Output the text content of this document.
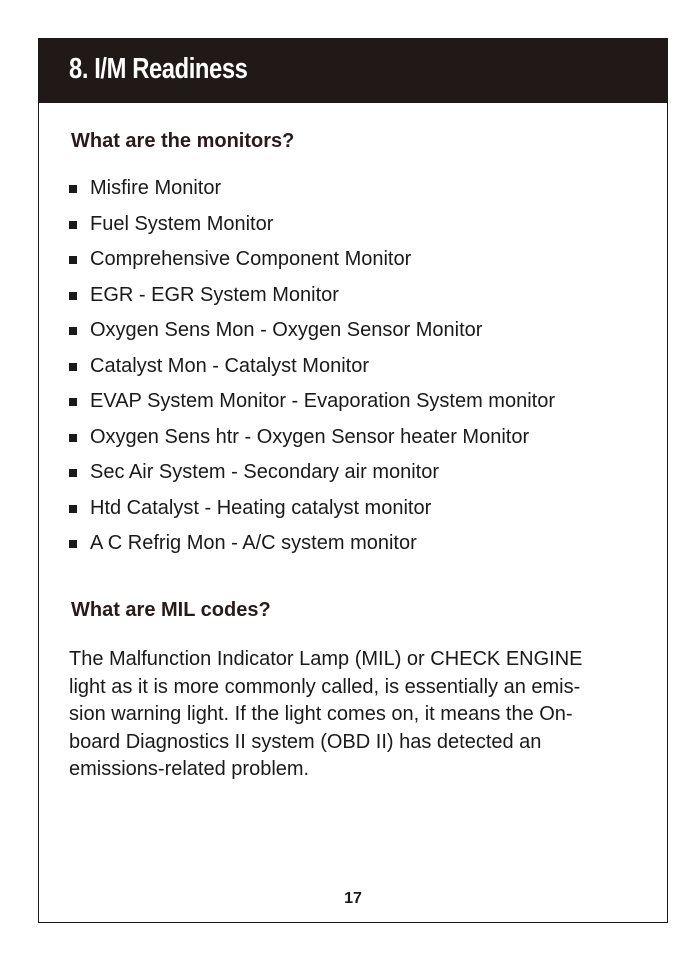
8. I/M Readiness
What are the monitors?
Misfire Monitor
Fuel System Monitor
Comprehensive Component Monitor
EGR - EGR System Monitor
Oxygen Sens Mon - Oxygen Sensor Monitor
Catalyst Mon - Catalyst Monitor
EVAP System Monitor - Evaporation System monitor
Oxygen Sens htr - Oxygen Sensor heater Monitor
Sec Air System - Secondary air monitor
Htd Catalyst - Heating catalyst monitor
A C Refrig Mon - A/C system monitor
What are MIL codes?

The Malfunction Indicator Lamp (MIL) or CHECK ENGINE
light as it is more commonly called, is essentially an emis-
sion warning light. If the light comes on, it means the On-
board Diagnostics II system (OBD II) has detected an
emissions-related problem.

17
